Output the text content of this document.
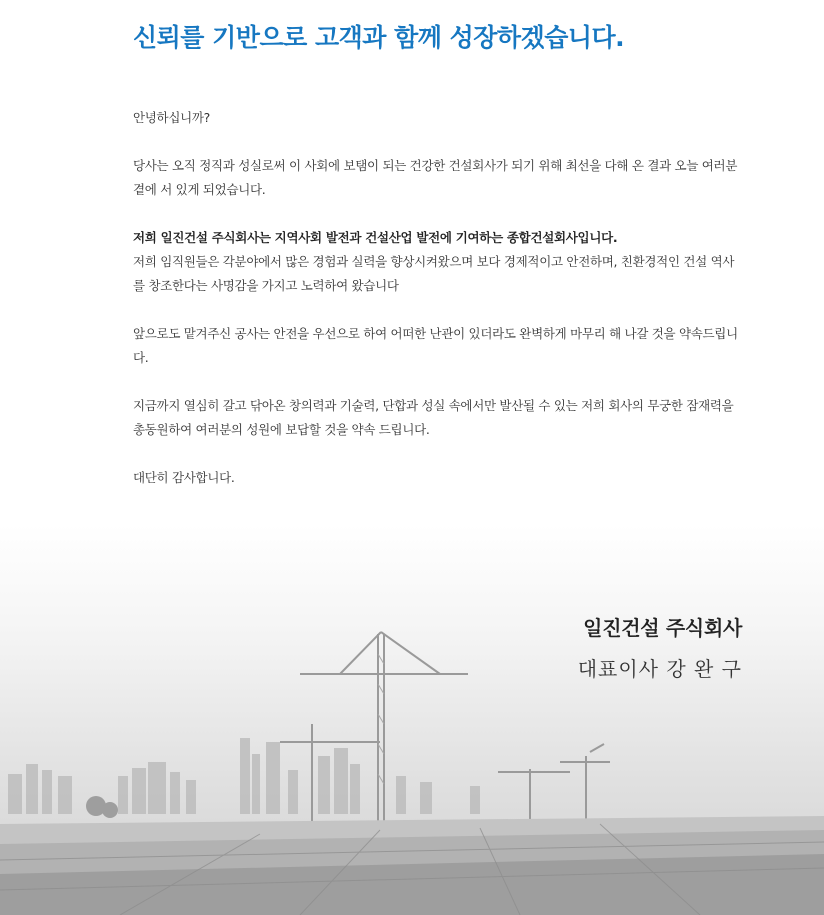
신뢰를 기반으로 고객과 함께 성장하겠습니다.

안녕하십니까?

당사는 오직 정직과 성실로써 이 사회에 보탬이 되는 건강한 건설회사가 되기 위해 최선을 다해 온 결과 오늘 여러분 곁에 서 있게 되었습니다.

저희 일진건설 주식회사는 지역사회 발전과 건설산업 발전에 기여하는 종합건설회사입니다.
저희 임직원들은 각분야에서 많은 경험과 실력을 향상시켜왔으며 보다 경제적이고 안전하며, 친환경적인 건설 역사를 창조한다는 사명감을 가지고 노력하여 왔습니다

앞으로도 맡겨주신 공사는 안전을 우선으로 하여 어떠한 난관이 있더라도 완벽하게 마무리 해 나갈 것을 약속드립니다.

지금까지 열심히 갈고 닦아온 창의력과 기술력, 단합과 성실 속에서만 발산될 수 있는 저희 회사의 무궁한 잠재력을 총동원하여 여러분의 성원에 보답할 것을 약속 드립니다.

대단히 감사합니다.

일진건설 주식회사

대표이사 강 완 구
